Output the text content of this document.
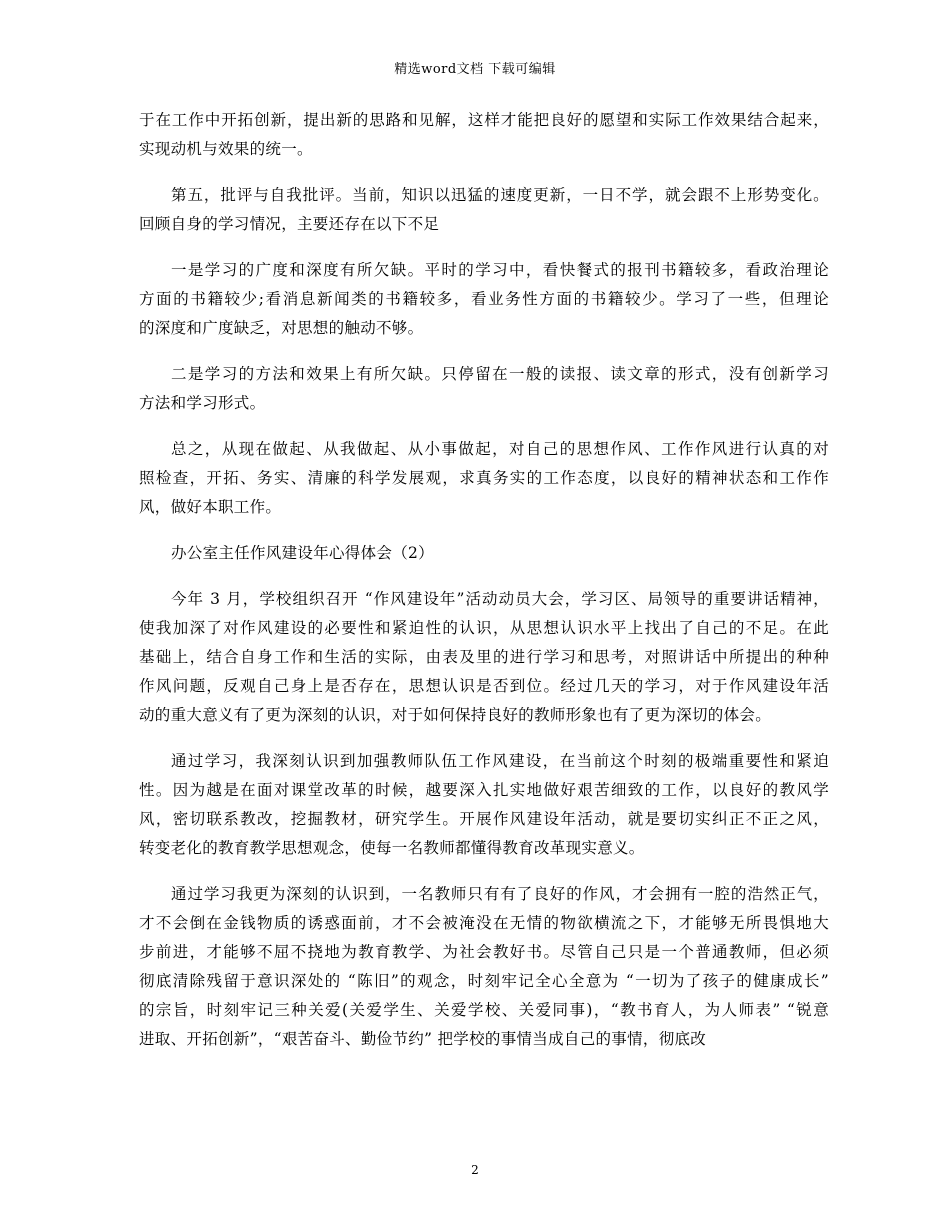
精选word文档 下载可编辑
于在工作中开拓创新，提出新的思路和见解，这样才能把良好的愿望和实际工作效果结合起来，
实现动机与效果的统一。
第五，批评与自我批评。当前，知识以迅猛的速度更新，一日不学，就会跟不上形势变化。
回顾自身的学习情况，主要还存在以下不足
一是学习的广度和深度有所欠缺。平时的学习中，看快餐式的报刊书籍较多，看政治理论
方面的书籍较少;看消息新闻类的书籍较多，看业务性方面的书籍较少。学习了一些，但理论
的深度和广度缺乏，对思想的触动不够。
二是学习的方法和效果上有所欠缺。只停留在一般的读报、读文章的形式，没有创新学习
方法和学习形式。
总之，从现在做起、从我做起、从小事做起，对自己的思想作风、工作作风进行认真的对
照检查，开拓、务实、清廉的科学发展观，求真务实的工作态度，以良好的精神状态和工作作
风，做好本职工作。
办公室主任作风建设年心得体会（2）
今年 3 月，学校组织召开 “作风建设年”活动动员大会，学习区、局领导的重要讲话精神，
使我加深了对作风建设的必要性和紧迫性的认识，从思想认识水平上找出了自己的不足。在此
基础上，结合自身工作和生活的实际，由表及里的进行学习和思考，对照讲话中所提出的种种
作风问题，反观自己身上是否存在，思想认识是否到位。经过几天的学习，对于作风建设年活
动的重大意义有了更为深刻的认识，对于如何保持良好的教师形象也有了更为深切的体会。
通过学习，我深刻认识到加强教师队伍工作风建设，在当前这个时刻的极端重要性和紧迫
性。因为越是在面对课堂改革的时候，越要深入扎实地做好艰苦细致的工作，以良好的教风学
风，密切联系教改，挖掘教材，研究学生。开展作风建设年活动，就是要切实纠正不正之风，
转变老化的教育教学思想观念，使每一名教师都懂得教育改革现实意义。
通过学习我更为深刻的认识到，一名教师只有有了良好的作风，才会拥有一腔的浩然正气，
才不会倒在金钱物质的诱惑面前，才不会被淹没在无情的物欲横流之下，才能够无所畏惧地大
步前进，才能够不屈不挠地为教育教学、为社会教好书。尽管自己只是一个普通教师，但必须
彻底清除残留于意识深处的 “陈旧”的观念，时刻牢记全心全意为 “一切为了孩子的健康成长”
的宗旨，时刻牢记三种关爱(关爱学生、关爱学校、关爱同事)，“教书育人，为人师表” “锐意
进取、开拓创新”，“艰苦奋斗、勤俭节约” 把学校的事情当成自己的事情，彻底改
2
